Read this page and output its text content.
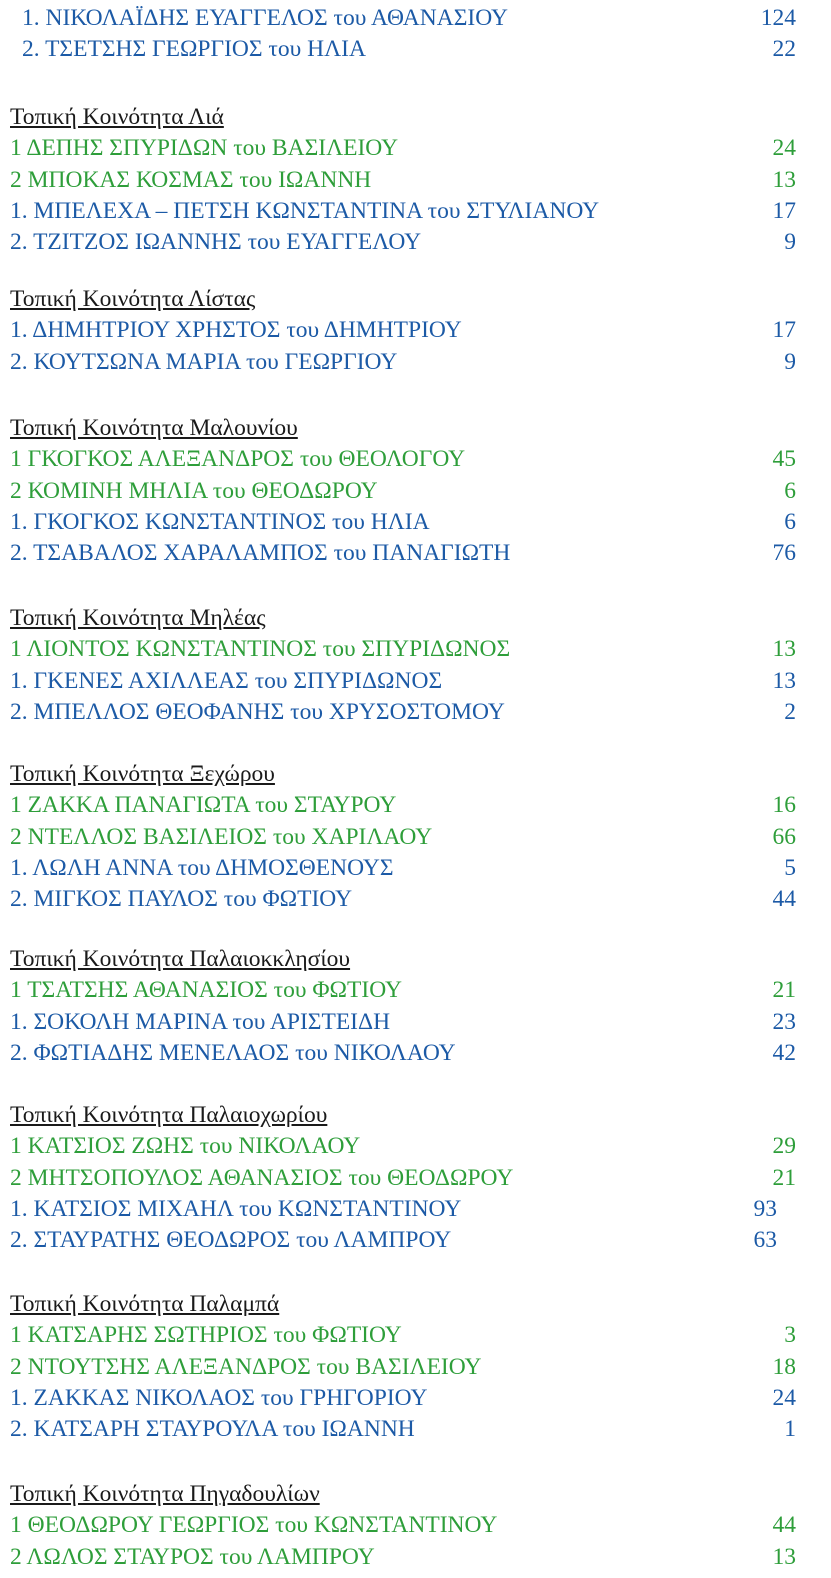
1. ΝΙΚΟΛΑΪΔΗΣ ΕΥΑΓΓΕΛΟΣ του ΑΘΑΝΑΣΙΟΥ	124
2. ΤΣΕΤΣΗΣ ΓΕΩΡΓΙΟΣ του ΗΛΙΑ	22
Τοπική Κοινότητα Λιά
1 ΔΕΠΗΣ ΣΠΥΡΙΔΩΝ του ΒΑΣΙΛΕΙΟΥ	24
2 ΜΠΟΚΑΣ ΚΟΣΜΑΣ του ΙΩΑΝΝΗ	13
1. ΜΠΕΛΕΧΑ – ΠΕΤΣΗ ΚΩΝΣΤΑΝΤΙΝΑ του ΣΤΥΛΙΑΝΟΥ	17
2. ΤΖΙΤΖΟΣ ΙΩΑΝΝΗΣ του ΕΥΑΓΓΕΛΟΥ	9
Τοπική Κοινότητα Λίστας
1. ΔΗΜΗΤΡΙΟΥ ΧΡΗΣΤΟΣ του ΔΗΜΗΤΡΙΟΥ	17
2. ΚΟΥΤΣΩΝΑ ΜΑΡΙΑ του ΓΕΩΡΓΙΟΥ	9
Τοπική Κοινότητα Μαλουνίου
1 ΓΚΟΓΚΟΣ ΑΛΕΞΑΝΔΡΟΣ του ΘΕΟΛΟΓΟΥ	45
2 ΚΟΜΙΝΗ ΜΗΛΙΑ του ΘΕΟΔΩΡΟΥ	6
1. ΓΚΟΓΚΟΣ ΚΩΝΣΤΑΝΤΙΝΟΣ του ΗΛΙΑ	6
2. ΤΣΑΒΑΛΟΣ ΧΑΡΑΛΑΜΠΟΣ του ΠΑΝΑΓΙΩΤΗ	76
Τοπική Κοινότητα Μηλέας
1 ΛΙΟΝΤΟΣ ΚΩΝΣΤΑΝΤΙΝΟΣ του ΣΠΥΡΙΔΩΝΟΣ	13
1. ΓΚΕΝΕΣ ΑΧΙΛΛΕΑΣ του ΣΠΥΡΙΔΩΝΟΣ	13
2. ΜΠΕΛΛΟΣ ΘΕΟΦΑΝΗΣ του ΧΡΥΣΟΣΤΟΜΟΥ	2
Τοπική Κοινότητα Ξεχώρου
1 ΖΑΚΚΑ ΠΑΝΑΓΙΩΤΑ του ΣΤΑΥΡΟΥ	16
2 ΝΤΕΛΛΟΣ ΒΑΣΙΛΕΙΟΣ του ΧΑΡΙΛΑΟΥ	66
1. ΛΩΛΗ ΑΝΝΑ του ΔΗΜΟΣΘΕΝΟΥΣ	5
2. ΜΙΓΚΟΣ ΠΑΥΛΟΣ του ΦΩΤΙΟΥ	44
Τοπική Κοινότητα Παλαιοκκλησίου
1 ΤΣΑΤΣΗΣ ΑΘΑΝΑΣΙΟΣ του ΦΩΤΙΟΥ	21
1. ΣΟΚΟΛΗ ΜΑΡΙΝΑ του ΑΡΙΣΤΕΙΔΗ	23
2. ΦΩΤΙΑΔΗΣ ΜΕΝΕΛΑΟΣ του ΝΙΚΟΛΑΟΥ	42
Τοπική Κοινότητα Παλαιοχωρίου
1 ΚΑΤΣΙΟΣ ΖΩΗΣ του ΝΙΚΟΛΑΟΥ	29
2 ΜΗΤΣΟΠΟΥΛΟΣ ΑΘΑΝΑΣΙΟΣ του ΘΕΟΔΩΡΟΥ	21
1. ΚΑΤΣΙΟΣ ΜΙΧΑΗΛ του ΚΩΝΣΤΑΝΤΙΝΟΥ	93
2. ΣΤΑΥΡΑΤΗΣ ΘΕΟΔΩΡΟΣ του ΛΑΜΠΡΟΥ	63
Τοπική Κοινότητα Παλαμπά
1 ΚΑΤΣΑΡΗΣ ΣΩΤΗΡΙΟΣ του ΦΩΤΙΟΥ	3
2 ΝΤΟΥΤΣΗΣ ΑΛΕΞΑΝΔΡΟΣ του ΒΑΣΙΛΕΙΟΥ	18
1. ΖΑΚΚΑΣ ΝΙΚΟΛΑΟΣ του ΓΡΗΓΟΡΙΟΥ	24
2. ΚΑΤΣΑΡΗ ΣΤΑΥΡΟΥΛΑ του ΙΩΑΝΝΗ	1
Τοπική Κοινότητα Πηγαδουλίων
1 ΘΕΟΔΩΡΟΥ ΓΕΩΡΓΙΟΣ του ΚΩΝΣΤΑΝΤΙΝΟΥ	44
2 ΛΩΛΟΣ ΣΤΑΥΡΟΣ του ΛΑΜΠΡΟΥ	13
